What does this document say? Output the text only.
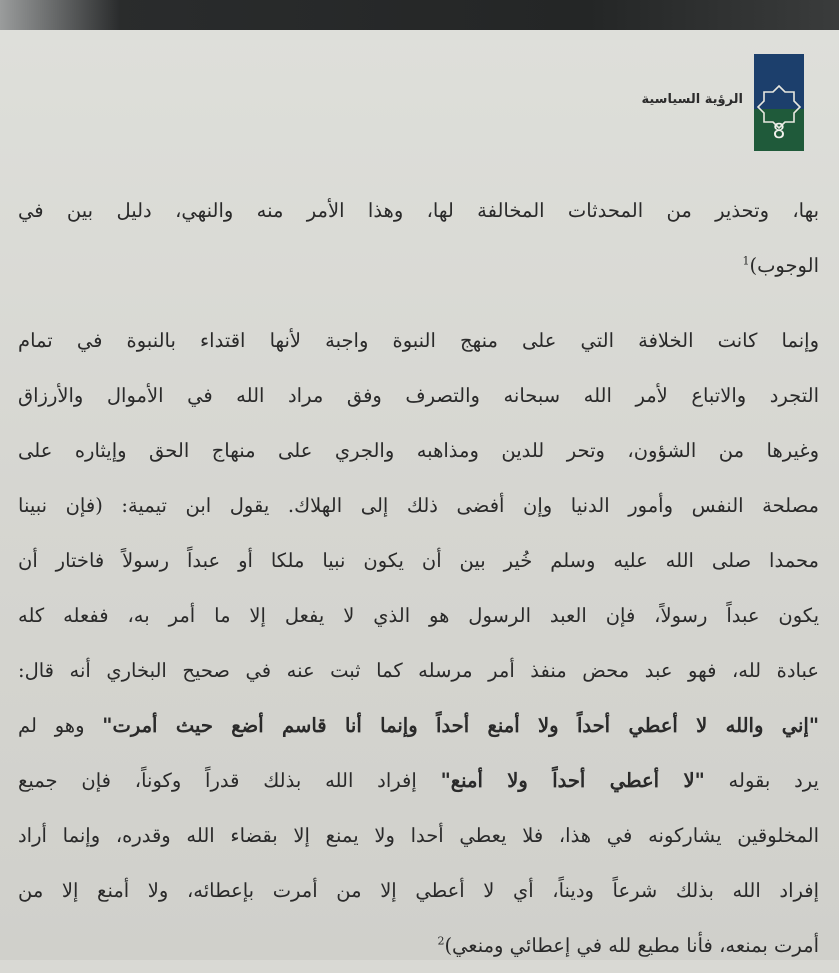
الرؤية السياسية
8
بها، وتحذير من المحدثات المخالفة لها، وهذا الأمر منه والنهي، دليل بين في
الوجوب)$^1$
وإنما كانت الخلافة التي على منهج النبوة واجبة لأنها اقتداء بالنبوة في تمام
التجرد والاتباع لأمر الله سبحانه والتصرف وفق مراد الله في الأموال والأرزاق
وغيرها من الشؤون، وتحر للدين ومذاهبه والجري على منهاج الحق وإيثاره على
مصلحة النفس وأمور الدنيا وإن أفضى ذلك إلى الهلاك. يقول ابن تيمية: (فإن نبينا
محمدا صلى الله عليه وسلم خُير بين أن يكون نبيا ملكا أو عبداً رسولاً فاختار أن
يكون عبداً رسولاً، فإن العبد الرسول هو الذي لا يفعل إلا ما أمر به، ففعله كله
عبادة لله، فهو عبد محض منفذ أمر مرسله كما ثبت عنه في صحيح البخاري أنه قال:
"إني والله لا أعطي أحداً ولا أمنع أحداً وإنما أنا قاسم أضع حيث أمرت" وهو لم
يرد بقوله "لا أعطي أحداً ولا أمنع" إفراد الله بذلك قدراً وكوناً، فإن جميع
المخلوقين يشاركونه في هذا، فلا يعطي أحدا ولا يمنع إلا بقضاء الله وقدره، وإنما أراد
إفراد الله بذلك شرعاً وديناً، أي لا أعطي إلا من أمرت بإعطائه، ولا أمنع إلا من
أمرت بمنعه، فأنا مطيع لله في إعطائي ومنعي)$^2$
